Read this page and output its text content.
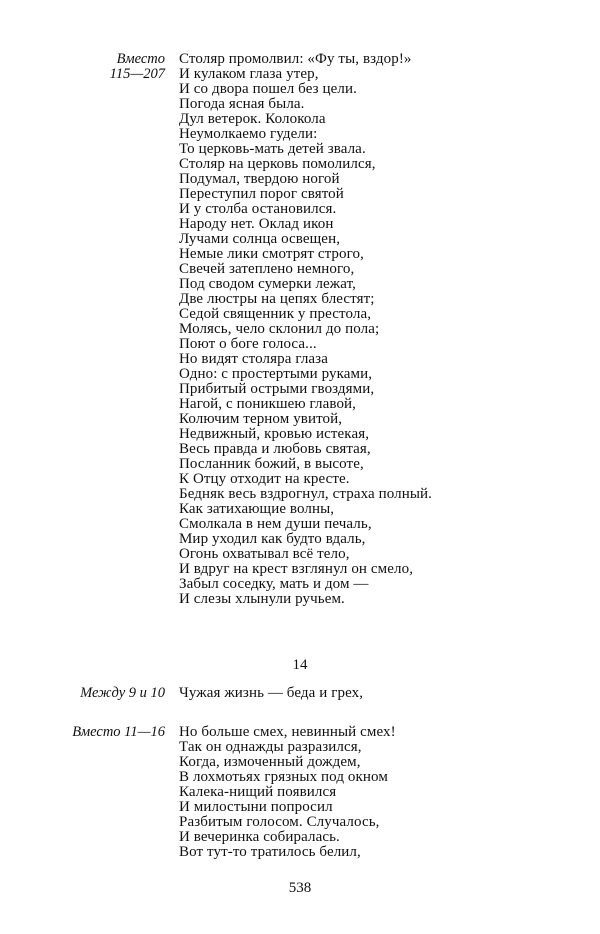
Вместо
115—207
Столяр промолвил: «Фу ты, вздор!»
И кулаком глаза утер,
И со двора пошел без цели.
Погода ясная была.
Дул ветерок. Колокола
Неумолкаемо гудели:
То церковь-мать детей звала.
Столяр на церковь помолился,
Подумал, твердою ногой
Переступил порог святой
И у столба остановился.
Народу нет. Оклад икон
Лучами солнца освещен,
Немые лики смотрят строго,
Свечей затеплено немного,
Под сводом сумерки лежат,
Две люстры на цепях блестят;
Седой священник у престола,
Молясь, чело склонил до пола;
Поют о боге голоса...
Но видят столяра глаза
Одно: с простертыми руками,
Прибитый острыми гвоздями,
Нагой, с поникшею главой,
Колючим терном увитой,
Недвижный, кровью истекая,
Весь правда и любовь святая,
Посланник божий, в высоте,
К Отцу отходит на кресте.
Бедняк весь вздрогнул, страха полный.
Как затихающие волны,
Смолкала в нем души печаль,
Мир уходил как будто вдаль,
Огонь охватывал всё тело,
И вдруг на крест взглянул он смело,
Забыл соседку, мать и дом —
И слезы хлынули ручьем.
14
Между 9 и 10 Чужая жизнь — беда и грех,
Вместо 11—16 Но больше смех, невинный смех!
Так он однажды разразился,
Когда, измоченный дождем,
В лохмотьях грязных под окном
Калека-нищий появился
И милостыни попросил
Разбитым голосом. Случалось,
И вечеринка собиралась.
Вот тут-то тратилось белил,
538
